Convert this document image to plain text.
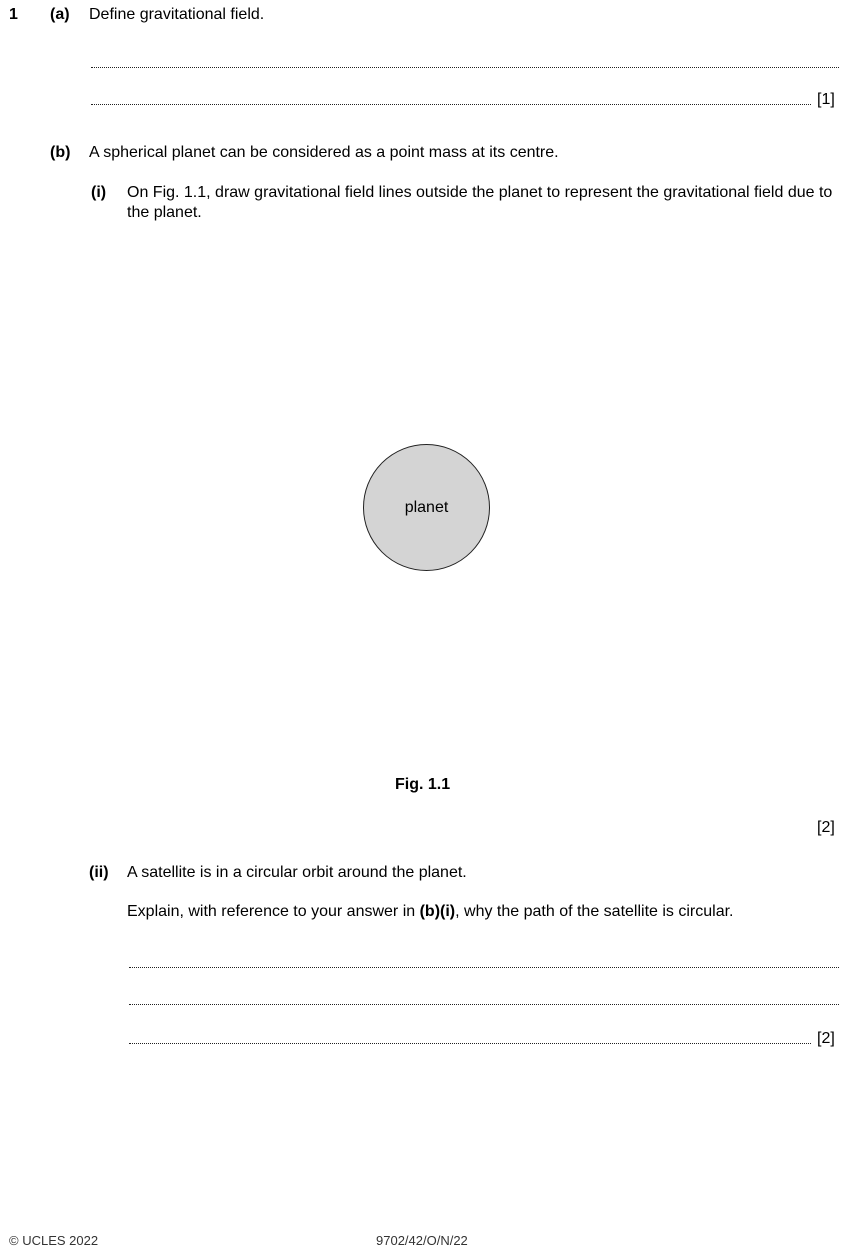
1 (a) Define gravitational field.
[1]
(b) A spherical planet can be considered as a point mass at its centre.
(i) On Fig. 1.1, draw gravitational field lines outside the planet to represent the gravitational field due to the planet.
planet
Fig. 1.1
[2]
(ii) A satellite is in a circular orbit around the planet.
Explain, with reference to your answer in (b)(i), why the path of the satellite is circular.
[2]
© UCLES 2022	9702/42/O/N/22
